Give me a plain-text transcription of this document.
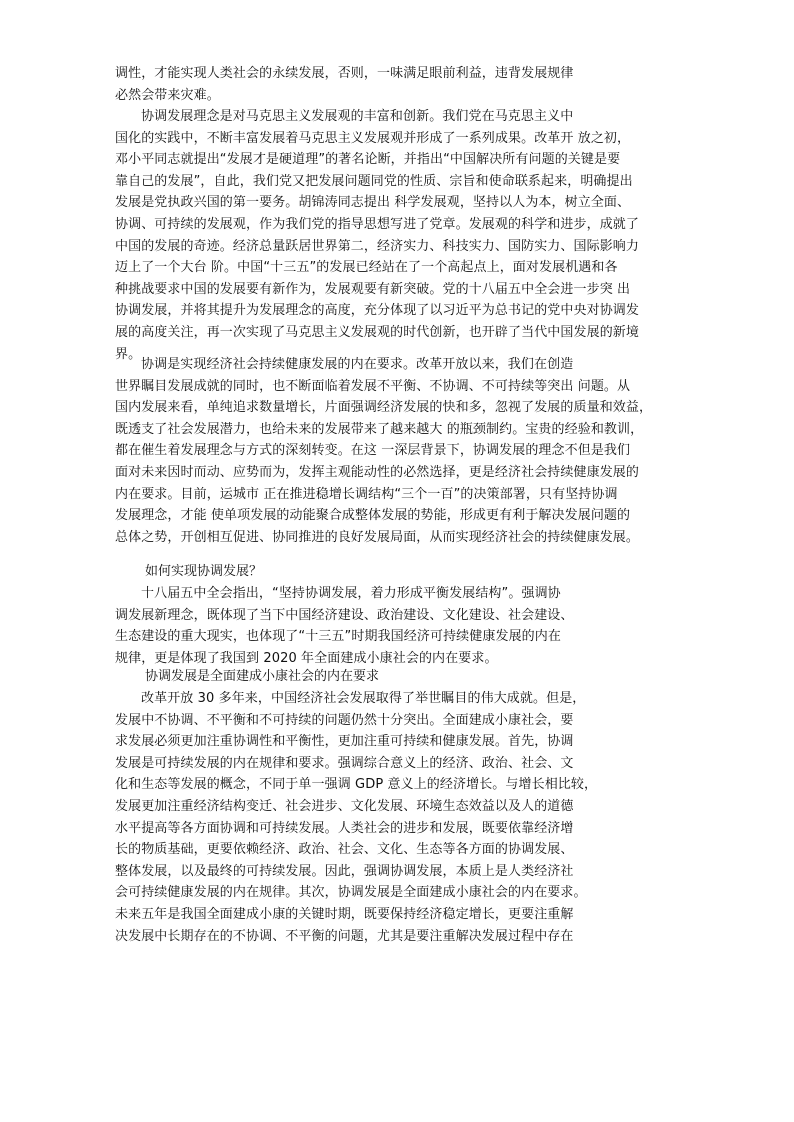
调性，才能实现人类社会的永续发展，否则，一味满足眼前利益，违背发展规律
必然会带来灾难。
协调发展理念是对马克思主义发展观的丰富和创新。我们党在马克思主义中
国化的实践中，不断丰富发展着马克思主义发展观并形成了一系列成果。改革开 放之初，
邓小平同志就提出“发展才是硬道理”的著名论断，并指出“中国解决所有问题的关键是要
靠自己的发展”，自此，我们党又把发展问题同党的性质、宗旨和使命联系起来，明确提出
发展是党执政兴国的第一要务。胡锦涛同志提出 科学发展观，坚持以人为本，树立全面、
协调、可持续的发展观，作为我们党的指导思想写进了党章。发展观的科学和进步，成就了
中国的发展的奇迹。经济总量跃居世界第二，经济实力、科技实力、国防实力、国际影响力
迈上了一个大台 阶。中国“十三五”的发展已经站在了一个高起点上，面对发展机遇和各
种挑战要求中国的发展要有新作为，发展观要有新突破。党的十八届五中全会进一步突 出
协调发展，并将其提升为发展理念的高度，充分体现了以习近平为总书记的党中央对协调发
展的高度关注，再一次实现了马克思主义发展观的时代创新，也开辟了当代中国发展的新境
界。
协调是实现经济社会持续健康发展的内在要求。改革开放以来，我们在创造
世界瞩目发展成就的同时，也不断面临着发展不平衡、不协调、不可持续等突出 问题。从
国内发展来看，单纯追求数量增长，片面强调经济发展的快和多，忽视了发展的质量和效益，
既透支了社会发展潜力，也给未来的发展带来了越来越大 的瓶颈制约。宝贵的经验和教训，
都在催生着发展理念与方式的深刻转变。在这 一深层背景下，协调发展的理念不但是我们
面对未来因时而动、应势而为，发挥主观能动性的必然选择，更是经济社会持续健康发展的
内在要求。目前，运城市 正在推进稳增长调结构“三个一百”的决策部署，只有坚持协调
发展理念，才能 使单项发展的动能聚合成整体发展的势能，形成更有利于解决发展问题的
总体之势，开创相互促进、协同推进的良好发展局面，从而实现经济社会的持续健康发展。
如何实现协调发展？
十八届五中全会指出，“坚持协调发展，着力形成平衡发展结构”。强调协
调发展新理念，既体现了当下中国经济建设、政治建设、文化建设、社会建设、
生态建设的重大现实，也体现了“十三五”时期我国经济可持续健康发展的内在
规律，更是体现了我国到 2020 年全面建成小康社会的内在要求。
协调发展是全面建成小康社会的内在要求
改革开放 30 多年来，中国经济社会发展取得了举世瞩目的伟大成就。但是，
发展中不协调、不平衡和不可持续的问题仍然十分突出。全面建成小康社会，要
求发展必须更加注重协调性和平衡性，更加注重可持续和健康发展。首先，协调
发展是可持续发展的内在规律和要求。强调综合意义上的经济、政治、社会、文
化和生态等发展的概念，不同于单一强调 GDP 意义上的经济增长。与增长相比较，
发展更加注重经济结构变迁、社会进步、文化发展、环境生态效益以及人的道德
水平提高等各方面协调和可持续发展。人类社会的进步和发展，既要依靠经济增
长的物质基础，更要依赖经济、政治、社会、文化、生态等各方面的协调发展、
整体发展，以及最终的可持续发展。因此，强调协调发展，本质上是人类经济社
会可持续健康发展的内在规律。其次，协调发展是全面建成小康社会的内在要求。
未来五年是我国全面建成小康的关键时期，既要保持经济稳定增长，更要注重解
决发展中长期存在的不协调、不平衡的问题，尤其是要注重解决发展过程中存在
